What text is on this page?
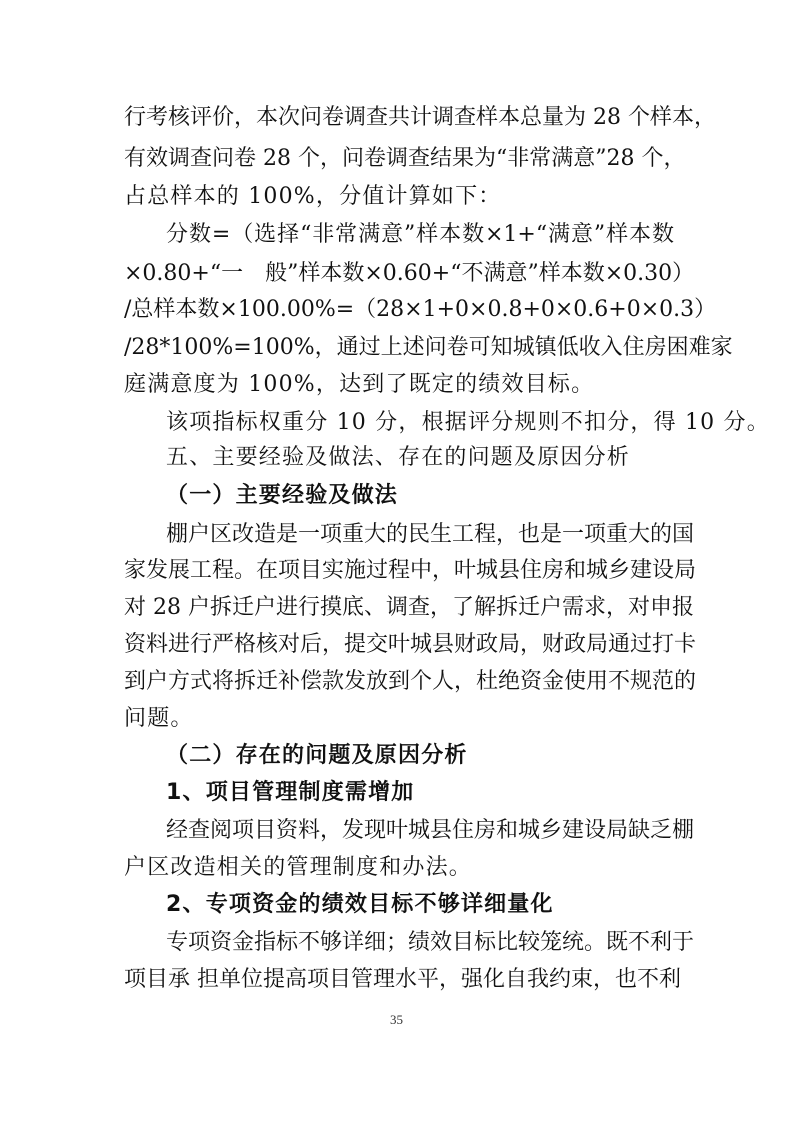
行考核评价，本次问卷调查共计调查样本总量为 28 个样本，
有效调查问卷 28 个，问卷调查结果为“非常满意”28 个，
占总样本的 100%，分值计算如下：
分数=（选择“非常满意”样本数×1+“满意”样本数
×0.80+“一　般”样本数×0.60+“不满意”样本数×0.30）
/总样本数×100.00%=（28×1+0×0.8+0×0.6+0×0.3）
/28*100%=100%，通过上述问卷可知城镇低收入住房困难家
庭满意度为 100%，达到了既定的绩效目标。
该项指标权重分 10 分，根据评分规则不扣分，得 10 分。
五、主要经验及做法、存在的问题及原因分析
（一）主要经验及做法
棚户区改造是一项重大的民生工程，也是一项重大的国
家发展工程。在项目实施过程中，叶城县住房和城乡建设局
对 28 户拆迁户进行摸底、调查，了解拆迁户需求，对申报
资料进行严格核对后，提交叶城县财政局，财政局通过打卡
到户方式将拆迁补偿款发放到个人，杜绝资金使用不规范的
问题。
（二）存在的问题及原因分析
1、项目管理制度需增加
经查阅项目资料，发现叶城县住房和城乡建设局缺乏棚
户区改造相关的管理制度和办法。
2、专项资金的绩效目标不够详细量化
专项资金指标不够详细；绩效目标比较笼统。既不利于
项目承 担单位提高项目管理水平，强化自我约束，也不利
35
